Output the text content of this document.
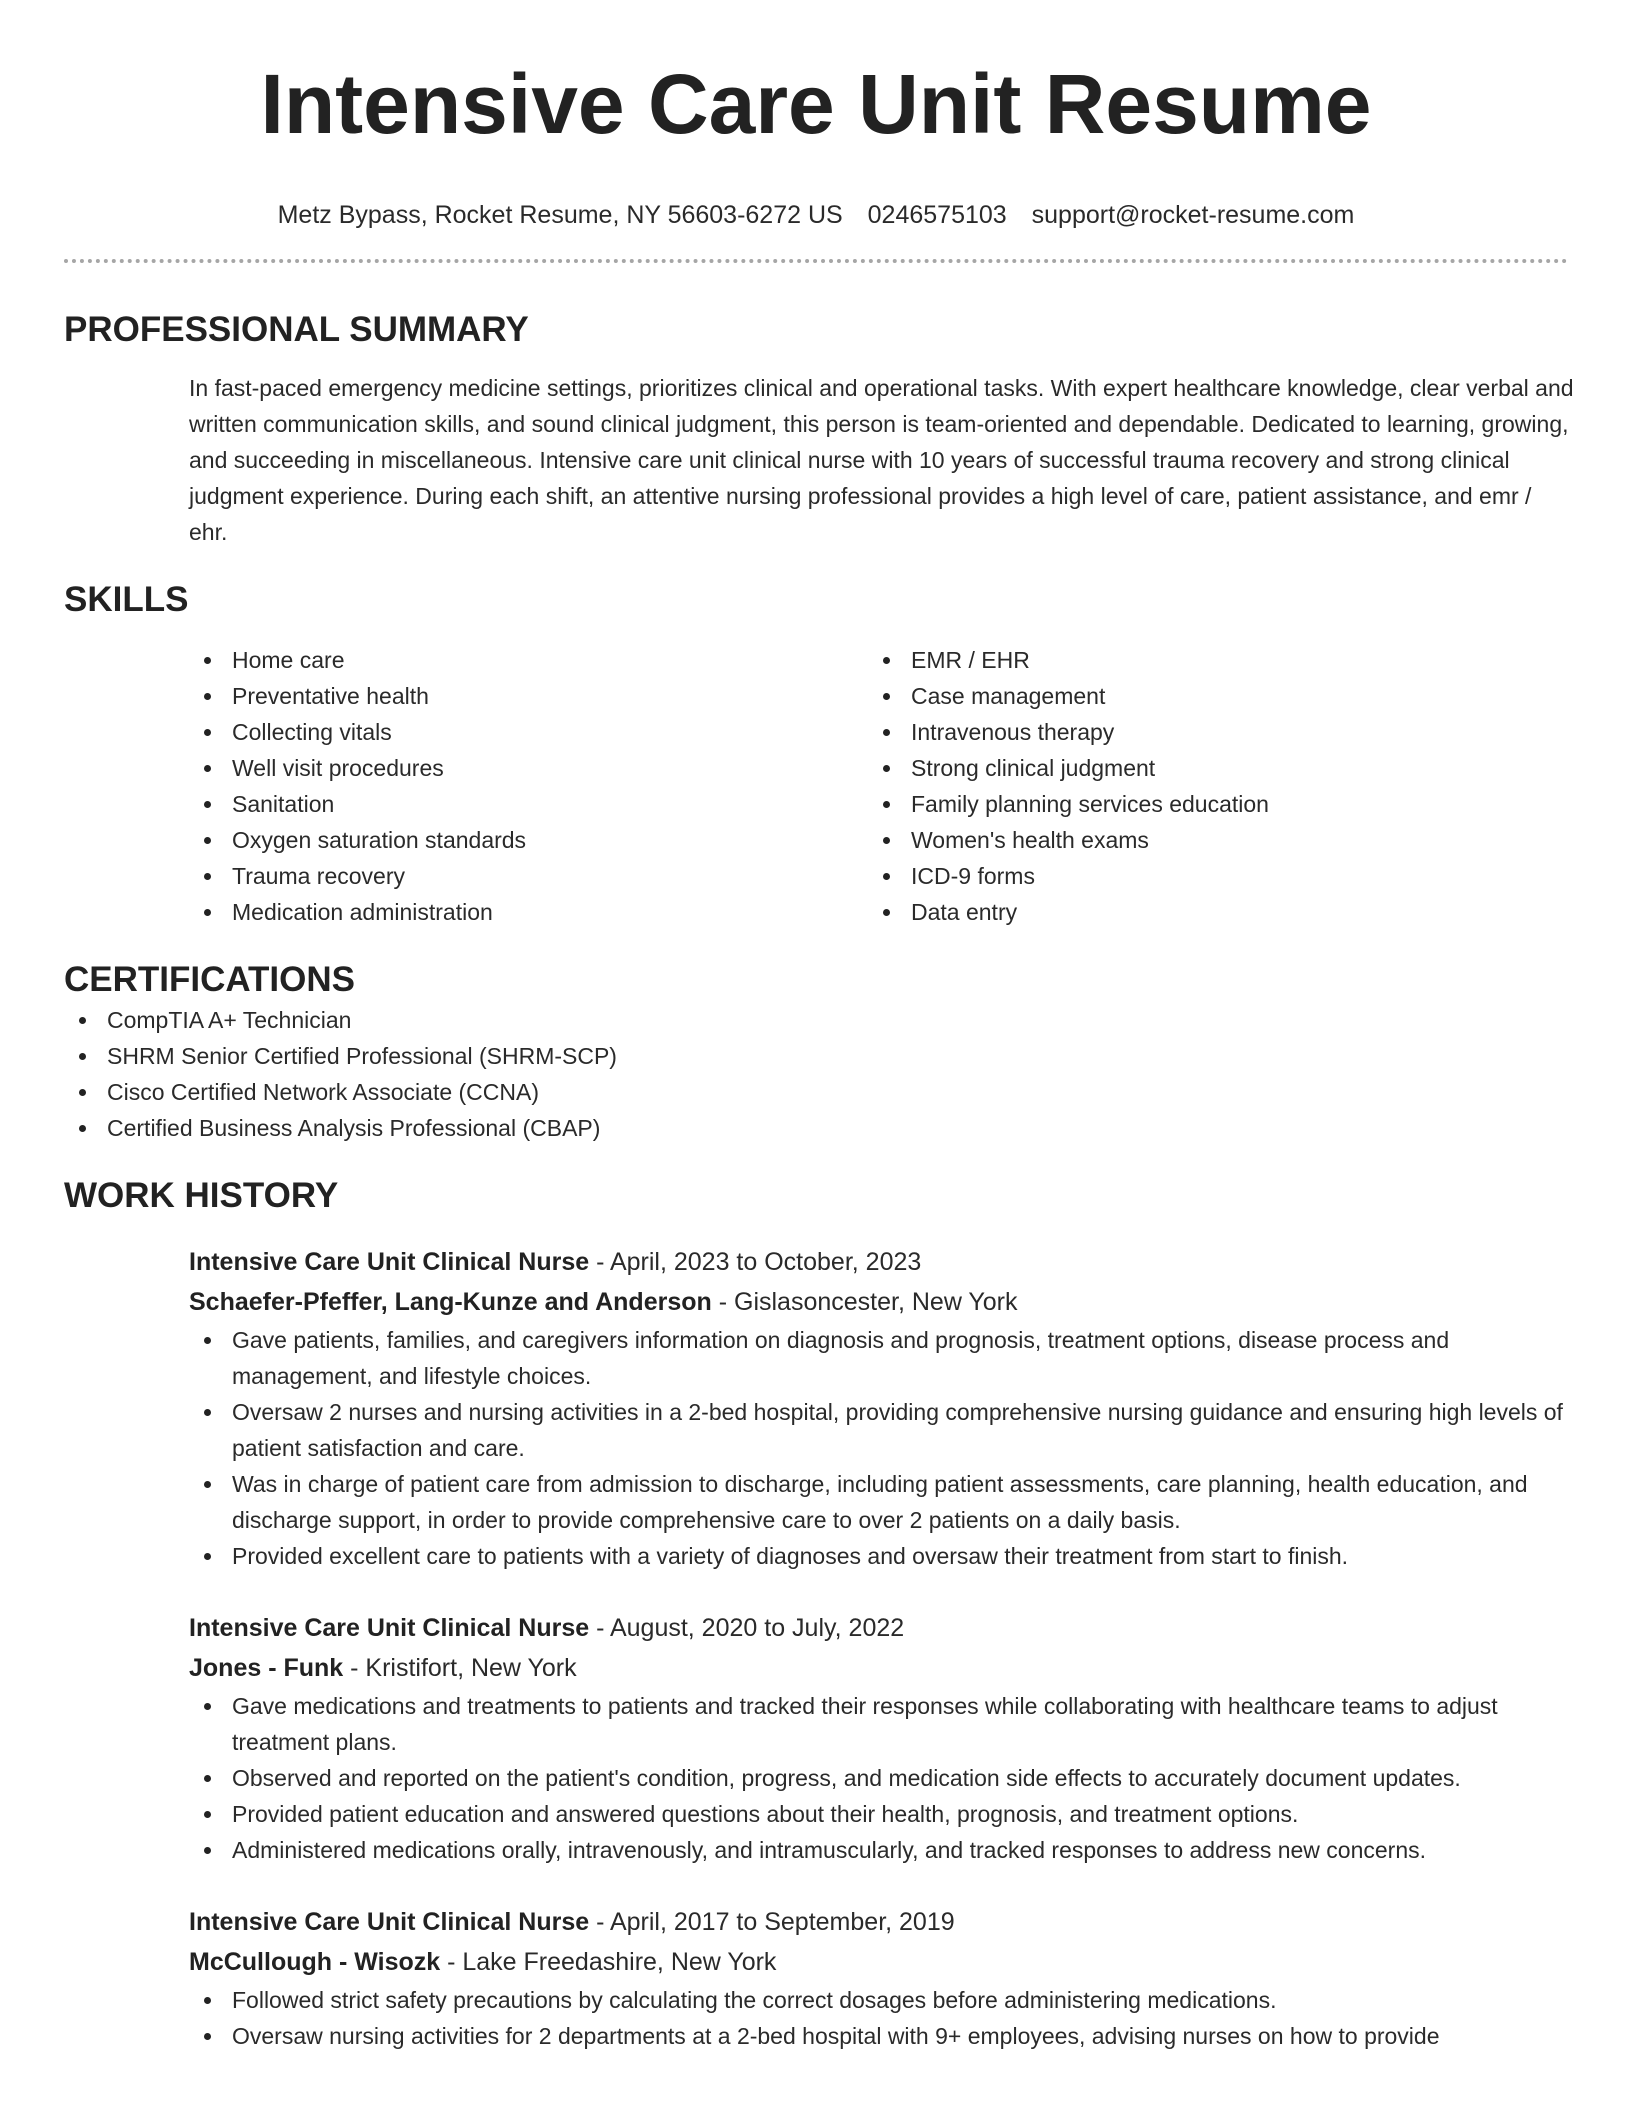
Intensive Care Unit Resume
Metz Bypass, Rocket Resume, NY 56603-6272 US 0246575103 support@rocket-resume.com
PROFESSIONAL SUMMARY

In fast-paced emergency medicine settings, prioritizes clinical and operational tasks. With expert healthcare knowledge, clear verbal and written communication skills, and sound clinical judgment, this person is team-oriented and dependable. Dedicated to learning, growing, and succeeding in miscellaneous. Intensive care unit clinical nurse with 10 years of successful trauma recovery and strong clinical judgment experience. During each shift, an attentive nursing professional provides a high level of care, patient assistance, and emr / ehr.

SKILLS
Home care
Preventative health
Collecting vitals
Well visit procedures
Sanitation
Oxygen saturation standards
Trauma recovery
Medication administration
EMR / EHR
Case management
Intravenous therapy
Strong clinical judgment
Family planning services education
Women's health exams
ICD-9 forms
Data entry
CERTIFICATIONS
CompTIA A+ Technician
SHRM Senior Certified Professional (SHRM-SCP)
Cisco Certified Network Associate (CCNA)
Certified Business Analysis Professional (CBAP)
WORK HISTORY
Intensive Care Unit Clinical Nurse - April, 2023 to October, 2023
Schaefer-Pfeffer, Lang-Kunze and Anderson - Gislasoncester, New York
Gave patients, families, and caregivers information on diagnosis and prognosis, treatment options, disease process and management, and lifestyle choices.
Oversaw 2 nurses and nursing activities in a 2-bed hospital, providing comprehensive nursing guidance and ensuring high levels of patient satisfaction and care.
Was in charge of patient care from admission to discharge, including patient assessments, care planning, health education, and discharge support, in order to provide comprehensive care to over 2 patients on a daily basis.
Provided excellent care to patients with a variety of diagnoses and oversaw their treatment from start to finish.
Intensive Care Unit Clinical Nurse - August, 2020 to July, 2022
Jones - Funk - Kristifort, New York
Gave medications and treatments to patients and tracked their responses while collaborating with healthcare teams to adjust treatment plans.
Observed and reported on the patient's condition, progress, and medication side effects to accurately document updates.
Provided patient education and answered questions about their health, prognosis, and treatment options.
Administered medications orally, intravenously, and intramuscularly, and tracked responses to address new concerns.
Intensive Care Unit Clinical Nurse - April, 2017 to September, 2019
McCullough - Wisozk - Lake Freedashire, New York
Followed strict safety precautions by calculating the correct dosages before administering medications.
Oversaw nursing activities for 2 departments at a 2-bed hospital with 9+ employees, advising nurses on how to provide
